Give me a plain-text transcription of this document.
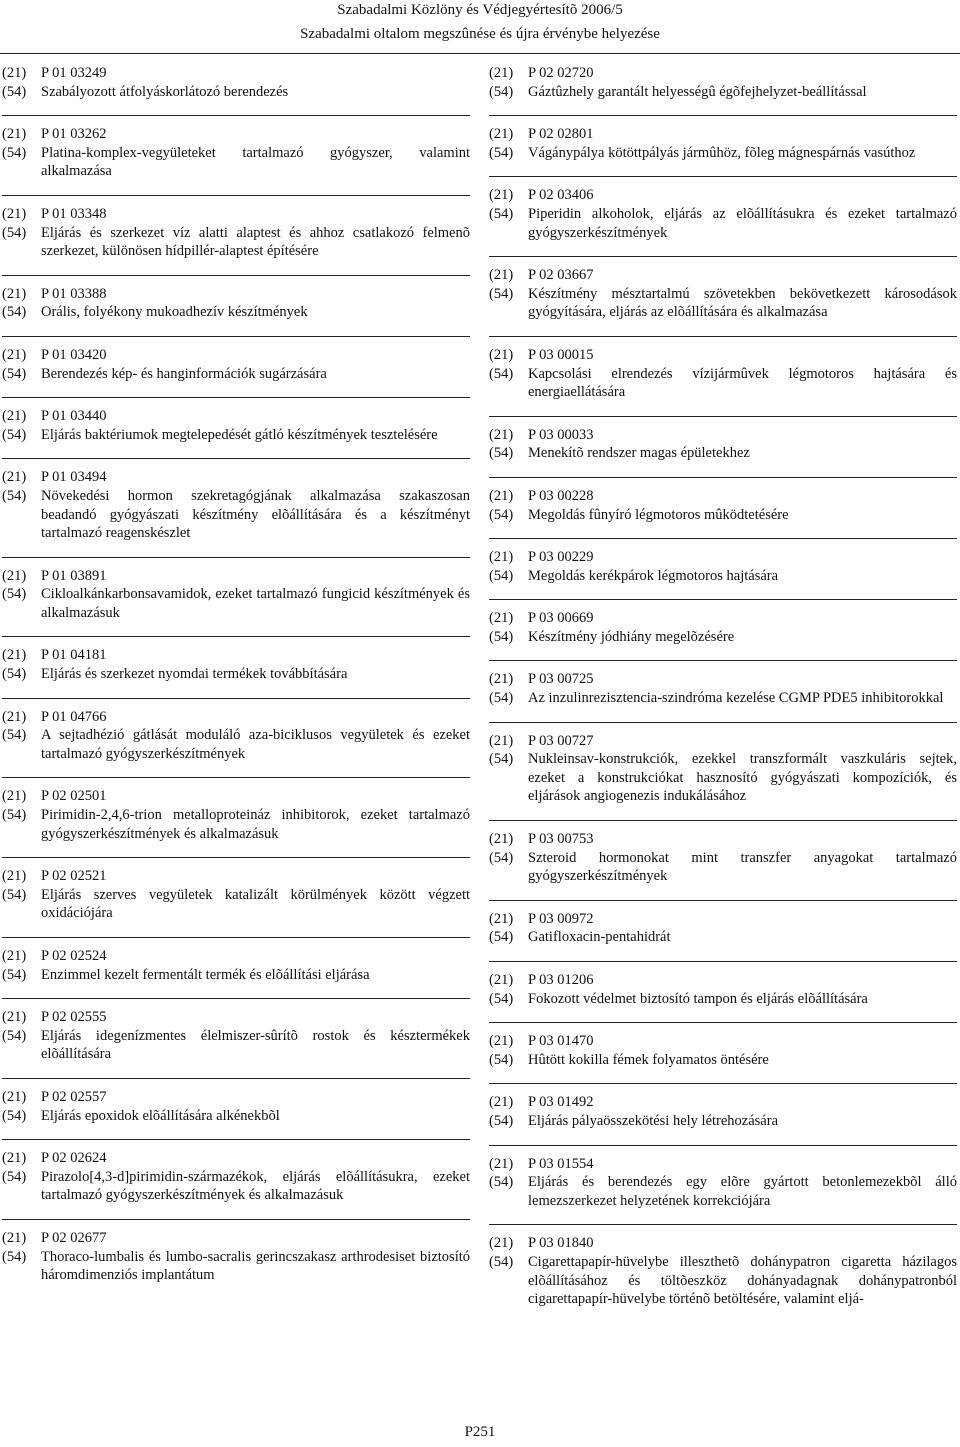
Szabadalmi Közlöny és Védjegyértesítõ 2006/5
Szabadalmi oltalom megszûnése és újra érvénybe helyezése
(21)	P 01 03249
(54)	Szabályozott átfolyáskorlátozó berendezés
(21)	P 01 03262
(54)	Platina-komplex-vegyületeket tartalmazó gyógyszer, valamint alkalmazása
(21)	P 01 03348
(54)	Eljárás és szerkezet víz alatti alaptest és ahhoz csatlakozó felmenõ szerkezet, különösen hídpillér-alaptest építésére
(21)	P 01 03388
(54)	Orális, folyékony mukoadhezív készítmények
(21)	P 01 03420
(54)	Berendezés kép- és hanginformációk sugárzására
(21)	P 01 03440
(54)	Eljárás baktériumok megtelepedését gátló készítmények tesztelésére
(21)	P 01 03494
(54)	Növekedési hormon szekretagógjának alkalmazása szakaszosan beadandó gyógyászati készítmény elõállítására és a készítményt tartalmazó reagenskészlet
(21)	P 01 03891
(54)	Cikloalkánkarbonsavamidok, ezeket tartalmazó fungicid készítmények és alkalmazásuk
(21)	P 01 04181
(54)	Eljárás és szerkezet nyomdai termékek továbbítására
(21)	P 01 04766
(54)	A sejtadhézió gátlását moduláló aza-biciklusos vegyületek és ezeket tartalmazó gyógyszerkészítmények
(21)	P 02 02501
(54)	Pirimidin-2,4,6-trion metalloproteináz inhibitorok, ezeket tartalmazó gyógyszerkészítmények és alkalmazásuk
(21)	P 02 02521
(54)	Eljárás szerves vegyületek katalizált körülmények között végzett oxidációjára
(21)	P 02 02524
(54)	Enzimmel kezelt fermentált termék és elõállítási eljárása
(21)	P 02 02555
(54)	Eljárás idegenízmentes élelmiszer-sûrítõ rostok és késztermékek elõállítására
(21)	P 02 02557
(54)	Eljárás epoxidok elõállítására alkénekbõl
(21)	P 02 02624
(54)	Pirazolo[4,3-d]pirimidin-származékok, eljárás elõállításukra, ezeket tartalmazó gyógyszerkészítmények és alkalmazásuk
(21)	P 02 02677
(54)	Thoraco-lumbalis és lumbo-sacralis gerincszakasz arthrodesiset biztosító háromdimenziós implantátum
(21)	P 02 02720
(54)	Gáztûzhely garantált helyességû égõfejhelyzet-beállítással
(21)	P 02 02801
(54)	Vágánypálya kötöttpályás jármûhöz, fõleg mágnespárnás vasúthoz
(21)	P 02 03406
(54)	Piperidin alkoholok, eljárás az elõállításukra és ezeket tartalmazó gyógyszerkészítmények
(21)	P 02 03667
(54)	Készítmény mésztartalmú szövetekben bekövetkezett károsodások gyógyítására, eljárás az elõállítására és alkalmazása
(21)	P 03 00015
(54)	Kapcsolási elrendezés vízijármûvek légmotoros hajtására és energiaellátására
(21)	P 03 00033
(54)	Menekítõ rendszer magas épületekhez
(21)	P 03 00228
(54)	Megoldás fûnyíró légmotoros mûködtetésére
(21)	P 03 00229
(54)	Megoldás kerékpárok légmotoros hajtására
(21)	P 03 00669
(54)	Készítmény jódhiány megelõzésére
(21)	P 03 00725
(54)	Az inzulinrezisztencia-szindróma kezelése CGMP PDE5 inhibitorokkal
(21)	P 03 00727
(54)	Nukleinsav-konstrukciók, ezekkel transzformált vaszkuláris sejtek, ezeket a konstrukciókat hasznosító gyógyászati kompozíciók, és eljárások angiogenezis indukálásához
(21)	P 03 00753
(54)	Szteroid hormonokat mint transzfer anyagokat tartalmazó gyógyszerkészítmények
(21)	P 03 00972
(54)	Gatifloxacin-pentahidrát
(21)	P 03 01206
(54)	Fokozott védelmet biztosító tampon és eljárás elõállítására
(21)	P 03 01470
(54)	Hûtött kokilla fémek folyamatos öntésére
(21)	P 03 01492
(54)	Eljárás pályaösszekötési hely létrehozására
(21)	P 03 01554
(54)	Eljárás és berendezés egy elõre gyártott betonlemezekbõl álló lemezszerkezet helyzetének korrekciójára
(21)	P 03 01840
(54)	Cigarettapapír-hüvelybe illeszthetõ dohánypatron cigaretta házilagos elõállításához és töltõeszköz dohányadagnak dohánypatronból cigarettapapír-hüvelybe történõ betöltésére, valamint eljá-
P251
